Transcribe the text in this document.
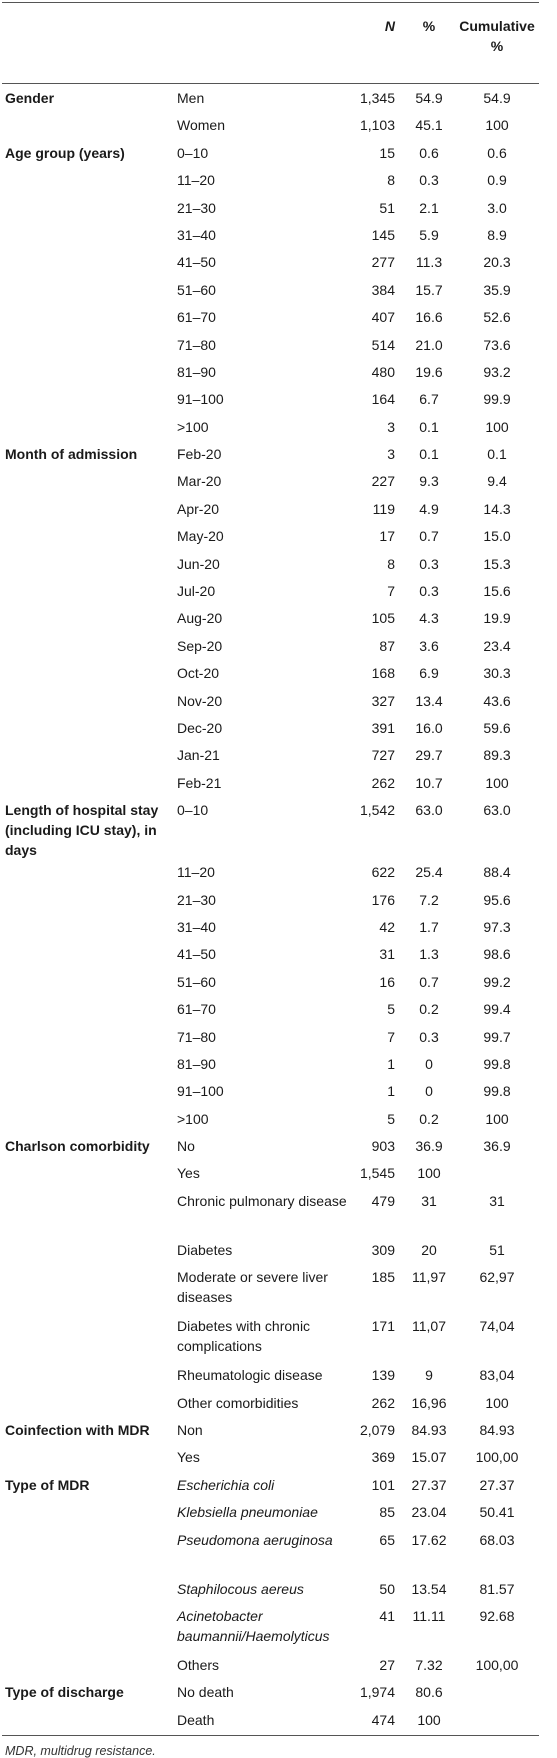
		N	%	Cumulative %
Gender	Men	1,345	54.9	54.9
	Women	1,103	45.1	100
Age group (years)	0–10	15	0.6	0.6
	11–20	8	0.3	0.9
	21–30	51	2.1	3.0
	31–40	145	5.9	8.9
	41–50	277	11.3	20.3
	51–60	384	15.7	35.9
	61–70	407	16.6	52.6
	71–80	514	21.0	73.6
	81–90	480	19.6	93.2
	91–100	164	6.7	99.9
	>100	3	0.1	100
Month of admission	Feb-20	3	0.1	0.1
	Mar-20	227	9.3	9.4
	Apr-20	119	4.9	14.3
	May-20	17	0.7	15.0
	Jun-20	8	0.3	15.3
	Jul-20	7	0.3	15.6
	Aug-20	105	4.3	19.9
	Sep-20	87	3.6	23.4
	Oct-20	168	6.9	30.3
	Nov-20	327	13.4	43.6
	Dec-20	391	16.0	59.6
	Jan-21	727	29.7	89.3
	Feb-21	262	10.7	100
Length of hospital stay (including ICU stay), in days	0–10	1,542	63.0	63.0
	11–20	622	25.4	88.4
	21–30	176	7.2	95.6
	31–40	42	1.7	97.3
	41–50	31	1.3	98.6
	51–60	16	0.7	99.2
	61–70	5	0.2	99.4
	71–80	7	0.3	99.7
	81–90	1	0	99.8
	91–100	1	0	99.8
	>100	5	0.2	100
Charlson comorbidity	No	903	36.9	36.9
	Yes	1,545	100	
	Chronic pulmonary disease	479	31	31
	Diabetes	309	20	51
	Moderate or severe liver diseases	185	11,97	62,97
	Diabetes with chronic complications	171	11,07	74,04
	Rheumatologic disease	139	9	83,04
	Other comorbidities	262	16,96	100
Coinfection with MDR	Non	2,079	84.93	84.93
	Yes	369	15.07	100,00
Type of MDR	Escherichia coli	101	27.37	27.37
	Klebsiella pneumoniae	85	23.04	50.41
	Pseudomona aeruginosa	65	17.62	68.03
	Staphilocous aereus	50	13.54	81.57
	Acinetobacter baumannii/Haemolyticus	41	11.11	92.68
	Others	27	7.32	100,00
Type of discharge	No death	1,974	80.6	
	Death	474	100	
MDR, multidrug resistance.
